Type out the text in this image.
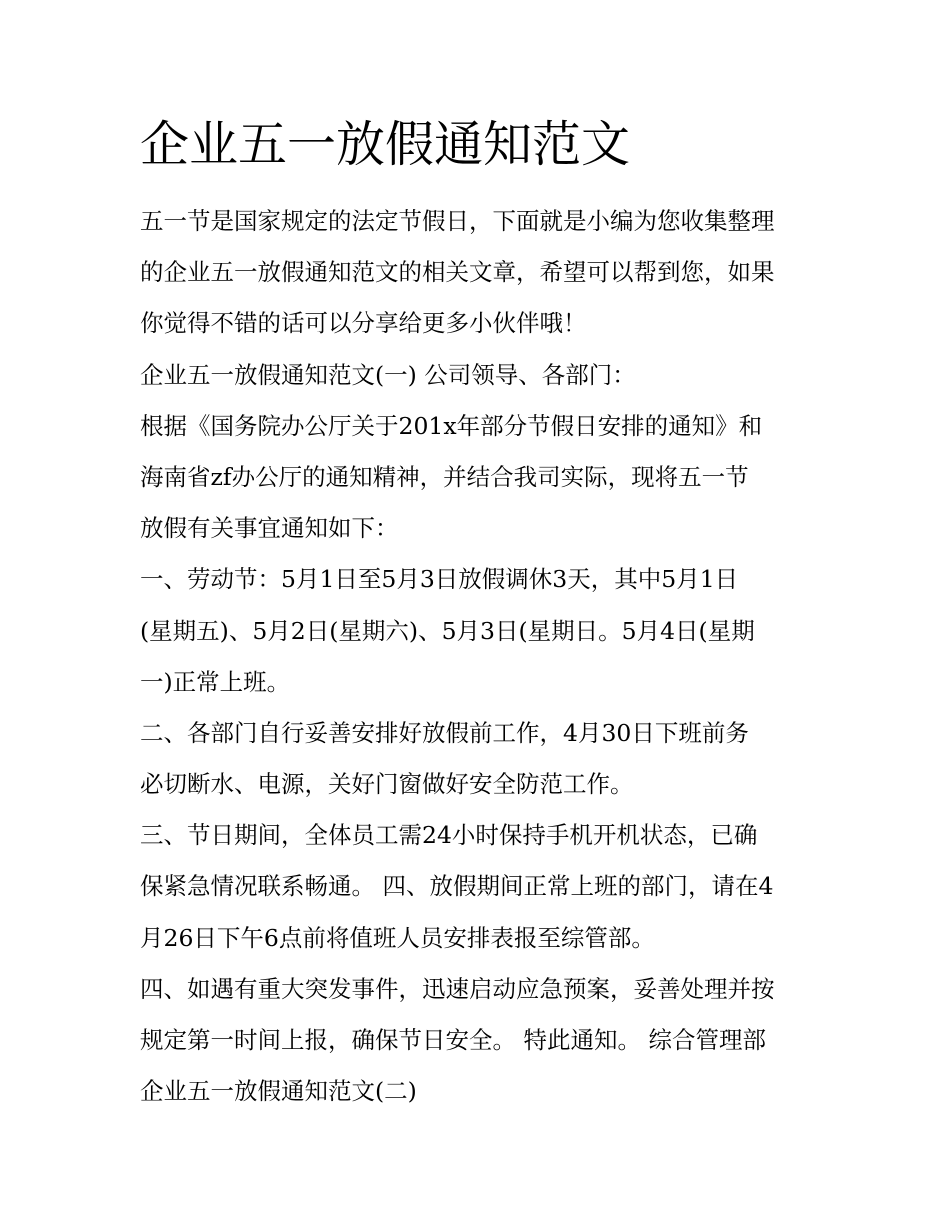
企业五一放假通知范文
五一节是国家规定的法定节假日，下面就是小编为您收集整理
的企业五一放假通知范文的相关文章，希望可以帮到您，如果
你觉得不错的话可以分享给更多小伙伴哦！
企业五一放假通知范文(一) 公司领导、各部门：
根据《国务院办公厅关于201x年部分节假日安排的通知》和
海南省zf办公厅的通知精神，并结合我司实际，现将五一节
放假有关事宜通知如下：
一、劳动节：5月1日至5月3日放假调休3天，其中5月1日
(星期五)、5月2日(星期六)、5月3日(星期日。5月4日(星期
一)正常上班。
二、各部门自行妥善安排好放假前工作，4月30日下班前务
必切断水、电源，关好门窗做好安全防范工作。
三、节日期间，全体员工需24小时保持手机开机状态，已确
保紧急情况联系畅通。 四、放假期间正常上班的部门，请在4
月26日下午6点前将值班人员安排表报至综管部。
四、如遇有重大突发事件，迅速启动应急预案，妥善处理并按
规定第一时间上报，确保节日安全。 特此通知。 综合管理部
企业五一放假通知范文(二)
